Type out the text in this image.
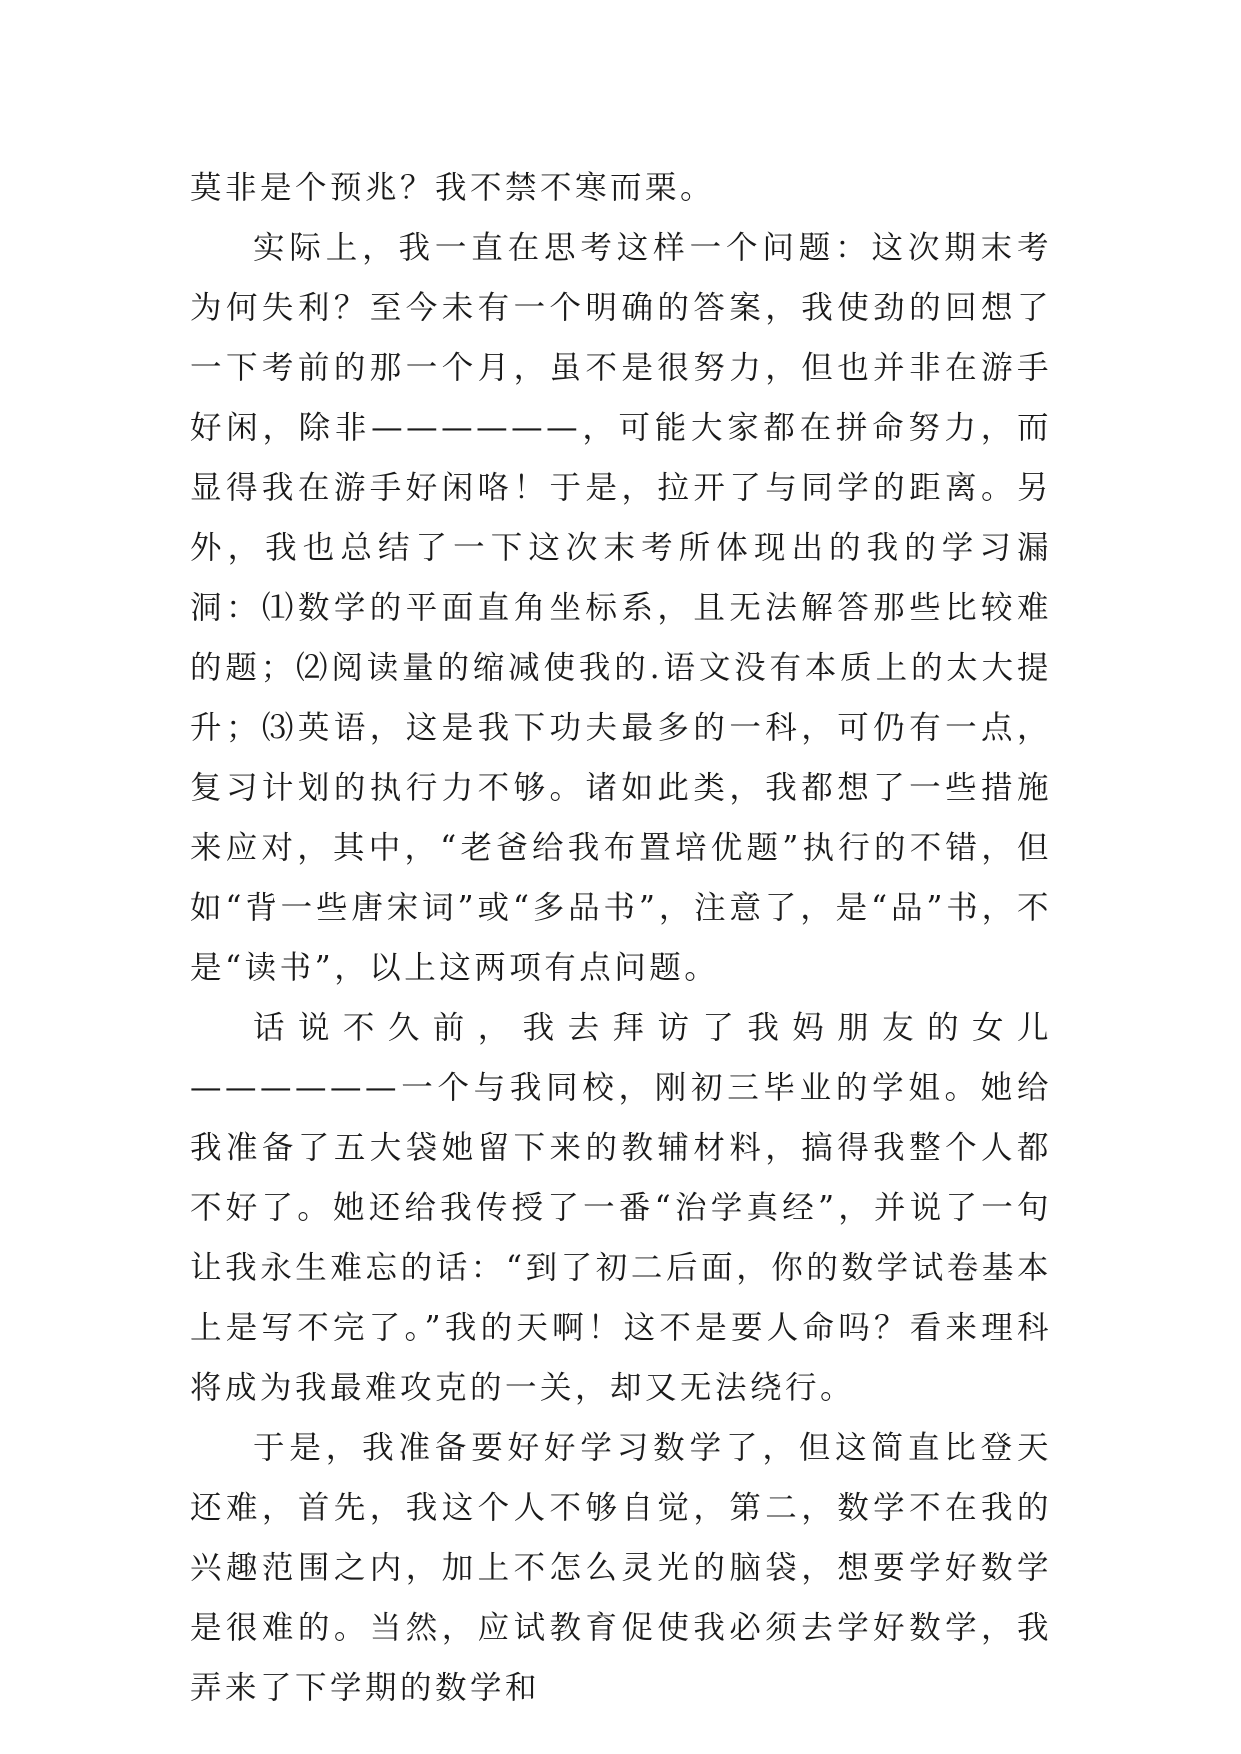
莫非是个预兆？我不禁不寒而栗。

实际上，我一直在思考这样一个问题：这次期末考为何失利？至今未有一个明确的答案，我使劲的回想了一下考前的那一个月，虽不是很努力，但也并非在游手好闲，除非——————，可能大家都在拼命努力，而显得我在游手好闲咯！于是，拉开了与同学的距离。另外，我也总结了一下这次末考所体现出的我的学习漏洞：⑴数学的平面直角坐标系，且无法解答那些比较难的题；⑵阅读量的缩减使我的.语文没有本质上的太大提升；⑶英语，这是我下功夫最多的一科，可仍有一点，复习计划的执行力不够。诸如此类，我都想了一些措施来应对，其中，“老爸给我布置培优题”执行的不错，但如“背一些唐宋词”或“多品书”，注意了，是“品”书，不是“读书”，以上这两项有点问题。

话说不久前，我去拜访了我妈朋友的女儿——————一个与我同校，刚初三毕业的学姐。她给我准备了五大袋她留下来的教辅材料，搞得我整个人都不好了。她还给我传授了一番“治学真经”，并说了一句让我永生难忘的话：“到了初二后面，你的数学试卷基本上是写不完了。”我的天啊！这不是要人命吗？看来理科将成为我最难攻克的一关，却又无法绕行。

于是，我准备要好好学习数学了，但这简直比登天还难，首先，我这个人不够自觉，第二，数学不在我的兴趣范围之内，加上不怎么灵光的脑袋，想要学好数学是很难的。当然，应试教育促使我必须去学好数学，我弄来了下学期的数学和
